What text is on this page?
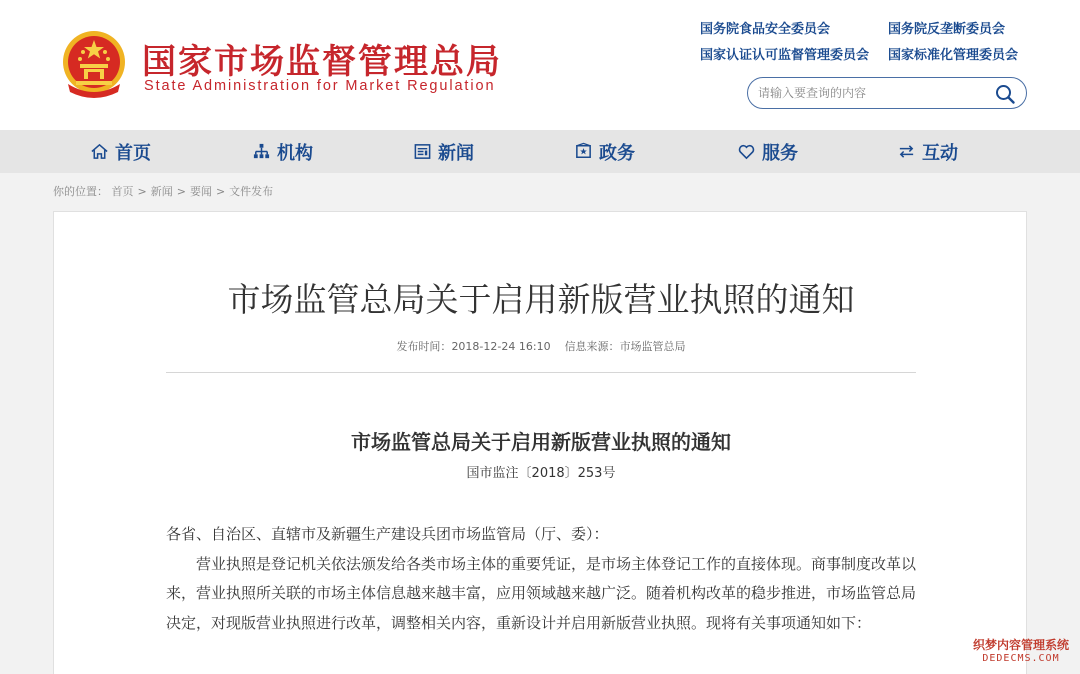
国家市场监督管理总局
State Administration for Market Regulation
国务院食品安全委员会	国务院反垄断委员会
国家认证认可监督管理委员会 国家标准化管理委员会
请输入要查询的内容
首页	机构	新闻	政务	服务	互动
你的位置： 首页 > 新闻 > 要闻 > 文件发布
市场监管总局关于启用新版营业执照的通知
发布时间：2018-12-24 16:10 信息来源：市场监管总局
市场监管总局关于启用新版营业执照的通知
国市监注〔2018〕253号

各省、自治区、直辖市及新疆生产建设兵团市场监管局（厅、委）：

营业执照是登记机关依法颁发给各类市场主体的重要凭证，是市场主体登记工作的直接体现。商事制度改革以来，营业执照所关联的市场主体信息越来越丰富，应用领域越来越广泛。随着机构改革的稳步推进，市场监管总局决定，对现版营业执照进行改革，调整相关内容，重新设计并启用新版营业执照。现将有关事项通知如下：

织梦内容管理系统
DEDECMS.COM
